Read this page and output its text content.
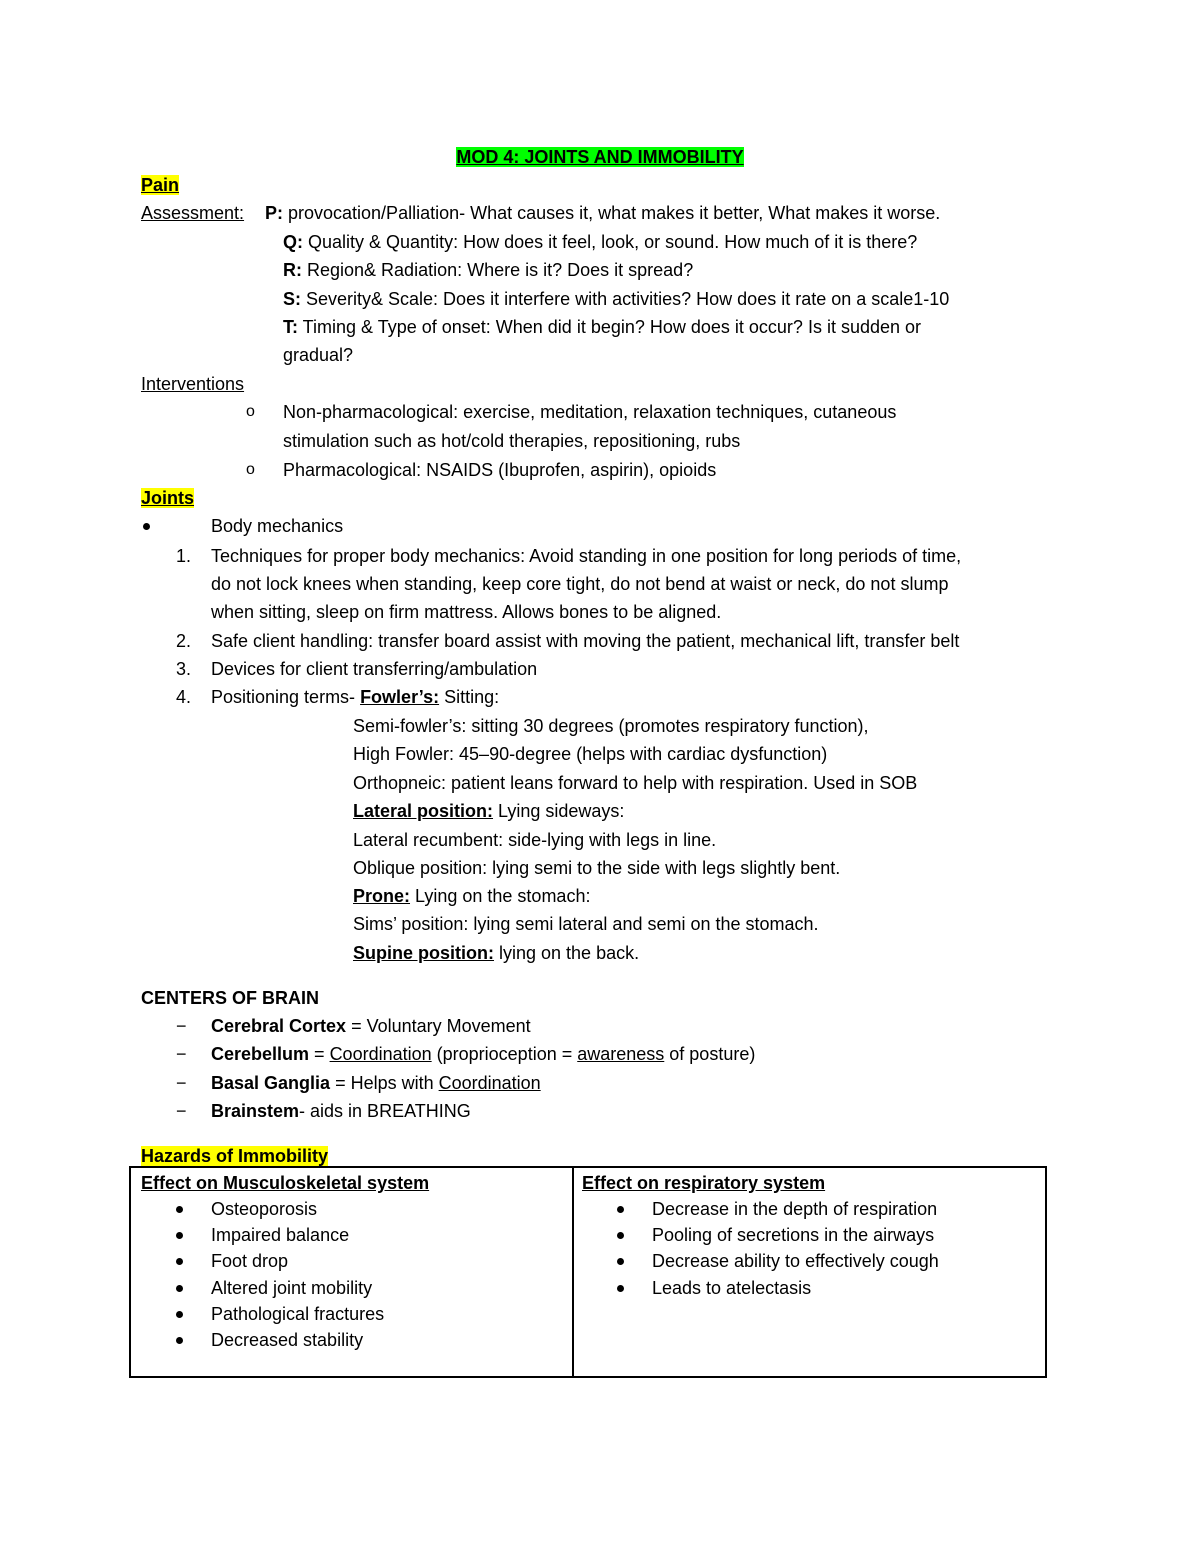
MOD 4: JOINTS AND IMMOBILITY
Pain
Assessment: P: provocation/Palliation- What causes it, what makes it better, What makes it worse.
Q: Quality & Quantity: How does it feel, look, or sound. How much of it is there?
R: Region& Radiation: Where is it? Does it spread?
S: Severity& Scale: Does it interfere with activities? How does it rate on a scale1-10
T: Timing & Type of onset: When did it begin? How does it occur? Is it sudden or
gradual?
Interventions
o Non-pharmacological: exercise, meditation, relaxation techniques, cutaneous
stimulation such as hot/cold therapies, repositioning, rubs
o Pharmacological: NSAIDS (Ibuprofen, aspirin), opioids
Joints
Body mechanics
1. Techniques for proper body mechanics: Avoid standing in one position for long periods of time,
do not lock knees when standing, keep core tight, do not bend at waist or neck, do not slump
when sitting, sleep on firm mattress. Allows bones to be aligned.
2. Safe client handling: transfer board assist with moving the patient, mechanical lift, transfer belt
3. Devices for client transferring/ambulation
4. Positioning terms- Fowler’s: Sitting:
Semi-fowler’s: sitting 30 degrees (promotes respiratory function),
High Fowler: 45–90-degree (helps with cardiac dysfunction)
Orthopneic: patient leans forward to help with respiration. Used in SOB
Lateral position: Lying sideways:
Lateral recumbent: side-lying with legs in line.
Oblique position: lying semi to the side with legs slightly bent.
Prone: Lying on the stomach:
Sims’ position: lying semi lateral and semi on the stomach.
Supine position: lying on the back.
CENTERS OF BRAIN
− Cerebral Cortex = Voluntary Movement
− Cerebellum = Coordination (proprioception = awareness of posture)
− Basal Ganglia = Helps with Coordination
− Brainstem- aids in BREATHING
Hazards of Immobility
Effect on Musculoskeletal system
Osteoporosis
Impaired balance
Foot drop
Altered joint mobility
Pathological fractures
Decreased stability
Effect on respiratory system
Decrease in the depth of respiration
Pooling of secretions in the airways
Decrease ability to effectively cough
Leads to atelectasis
